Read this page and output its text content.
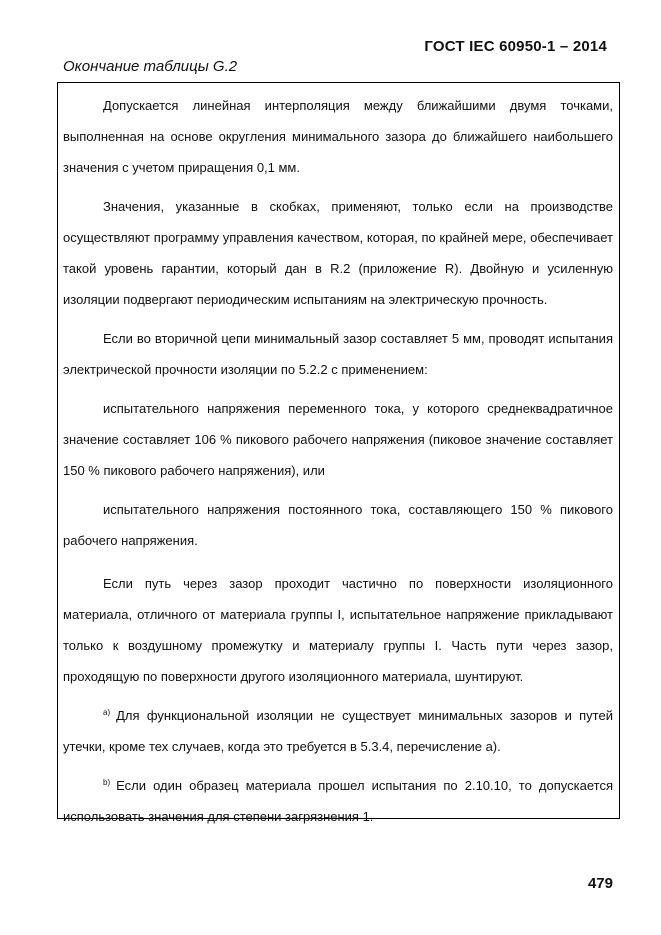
ГОСТ IEC 60950-1 – 2014
Окончание таблицы G.2

Допускается линейная интерполяция между ближайшими двумя точками, выполненная на основе округления минимального зазора до ближайшего наибольшего значения с учетом приращения 0,1 мм.

Значения, указанные в скобках, применяют, только если на производстве осуществляют программу управления качеством, которая, по крайней мере, обеспечивает такой уровень гарантии, который дан в R.2 (приложение R). Двойную и усиленную изоляции подвергают периодическим испытаниям на электрическую прочность.

Если во вторичной цепи минимальный зазор составляет 5 мм, проводят испытания электрической прочности изоляции по 5.2.2 с применением:

испытательного напряжения переменного тока, у которого среднеквадратичное значение составляет 106 % пикового рабочего напряжения (пиковое значение составляет 150 % пикового рабочего напряжения), или

испытательного напряжения постоянного тока, составляющего 150 % пикового рабочего напряжения.

Если путь через зазор проходит частично по поверхности изоляционного материала, отличного от материала группы I, испытательное напряжение прикладывают только к воздушному промежутку и материалу группы I. Часть пути через зазор, проходящую по поверхности другого изоляционного материала, шунтируют.

$^{a)}$ Для функциональной изоляции не существует минимальных зазоров и путей утечки, кроме тех случаев, когда это требуется в 5.3.4, перечисление а).

$^{b)}$ Если один образец материала прошел испытания по 2.10.10, то допускается использовать значения для степени загрязнения 1.

479
